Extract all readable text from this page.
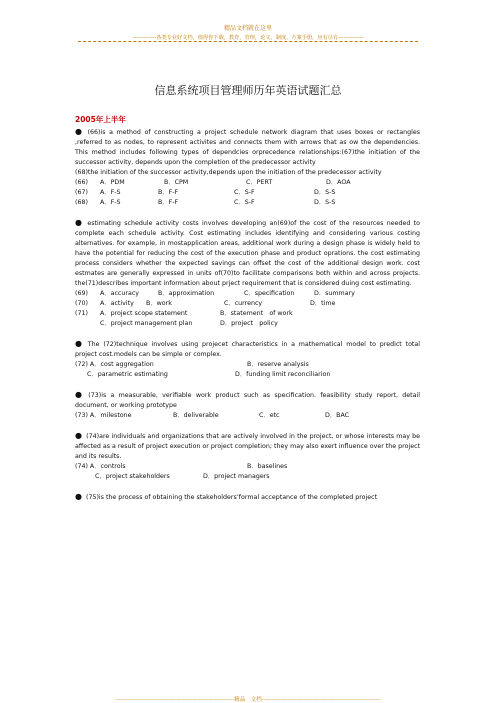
精品文档就在这里
-------------各类专业好文档，值得你下载，教育，管理，论文，制度，方案手册，应有尽有--------------
信息系统项目管理师历年英语试题汇总
2005年上半年
● (66)is a method of constructing a project schedule network diagram that uses boxes or rectangles ,referred to as nodes, to represent activites and connects them with arrows that as ow the dependencies. This method includes following types of dependcies orprecedence relationships:(67)the initiation of the successor activity, depends upon the completion of the predecessor activity
(68)the initiation of the successor activity,depends upon the initiation of the predecessor activity
(66)	A．PDM	B．CPM	C．PERT	D．AOA
(67)	A．F-S	B．F-F	C．S-F	D．S-S
(68)	A．F-S	B．F-F	C．S-F	D．S-S
● estimating schedule activity costs involves developing an(69)of the cost of the resources needed to complete each schedule activity. Cost estimating includes identifying and considering various costing alternatives. for example, in mostapplication areas, additional work during a design phase is widely held to have the potential for reducing the cost of the execution phase and product oprations. the cost estimating process considers whether the expected savings can offset the cost of the additional design work. cost estmates are generally expressed in units of(70)to facilitate comparisons both within and across projects. the(71)describes important information about prject requirement that is considered duing cost estimating.
(69)	A．accuracy	B．approximation	C．specification	D．summary
(70)	A．activity	B．work	C．currency	D．time
(71)	A．project scope statement	B．statement　of work
C．project management plan	D．project　policy
● The (72)technique involves using projecet characteristics in a mathematical model to predict total project cost.models can be simple or complex.
(72) A．cost aggregation	B．reserve analysis
C．parametric estimating	D．funding limit reconciliarion
● (73)is a measurable, verifiable work product such as specification. feasibility study report, detail document, or working prototype
(73) A．milestone	B．deliverable	C．etc	D．BAC
● (74)are individuals and organizations that are actively involved in the project, or whose interests may be affected as a result of project execution or project completion; they may also exert influence over the project and its results.
(74) A．controls	B．baselines
C．project stakeholders	D．project managers
● (75)is the process of obtaining the stakeholders’formal acceptance of the completed project
------------------------------------------------------------精品　文档------------------------------------------------------------
